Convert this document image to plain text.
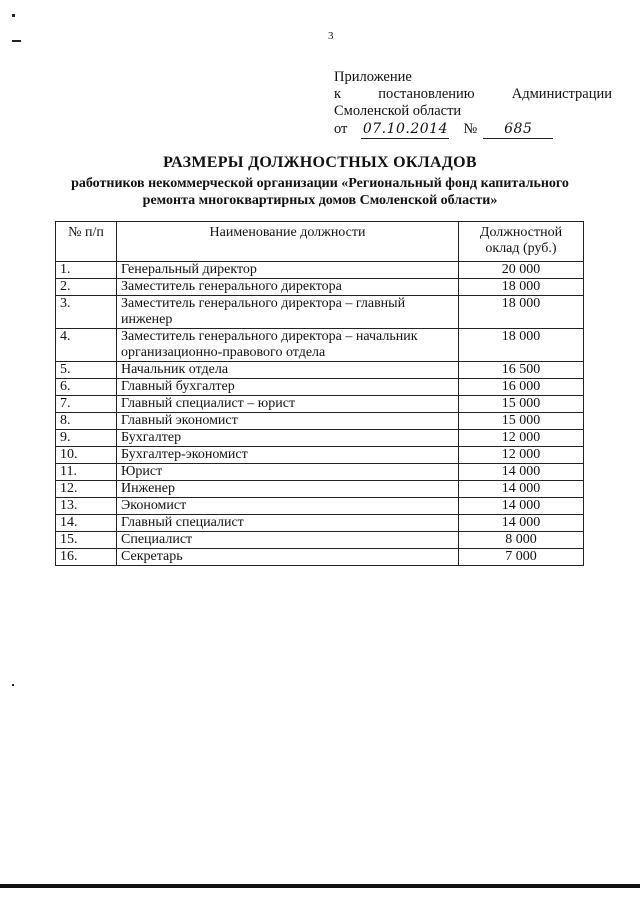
3
Приложение
к	постановлению	Администрации
Смоленской области
от 07.10.2014 №	685
РАЗМЕРЫ ДОЛЖНОСТНЫХ ОКЛАДОВ
работников некоммерческой организации «Региональный фонд капитального
ремонта многоквартирных домов Смоленской области»
№ п/п	Наименование должности	Должностной оклад (руб.)
1.	Генеральный директор	20 000
2.	Заместитель генерального директора	18 000
3.	Заместитель генерального директора – главный инженер	18 000
4.	Заместитель генерального директора – начальник организационно-правового отдела	18 000
5.	Начальник отдела	16 500
6.	Главный бухгалтер	16 000
7.	Главный специалист – юрист	15 000
8.	Главный экономист	15 000
9.	Бухгалтер	12 000
10.	Бухгалтер-экономист	12 000
11.	Юрист	14 000
12.	Инженер	14 000
13.	Экономист	14 000
14.	Главный специалист	14 000
15.	Специалист	8 000
16.	Секретарь	7 000
